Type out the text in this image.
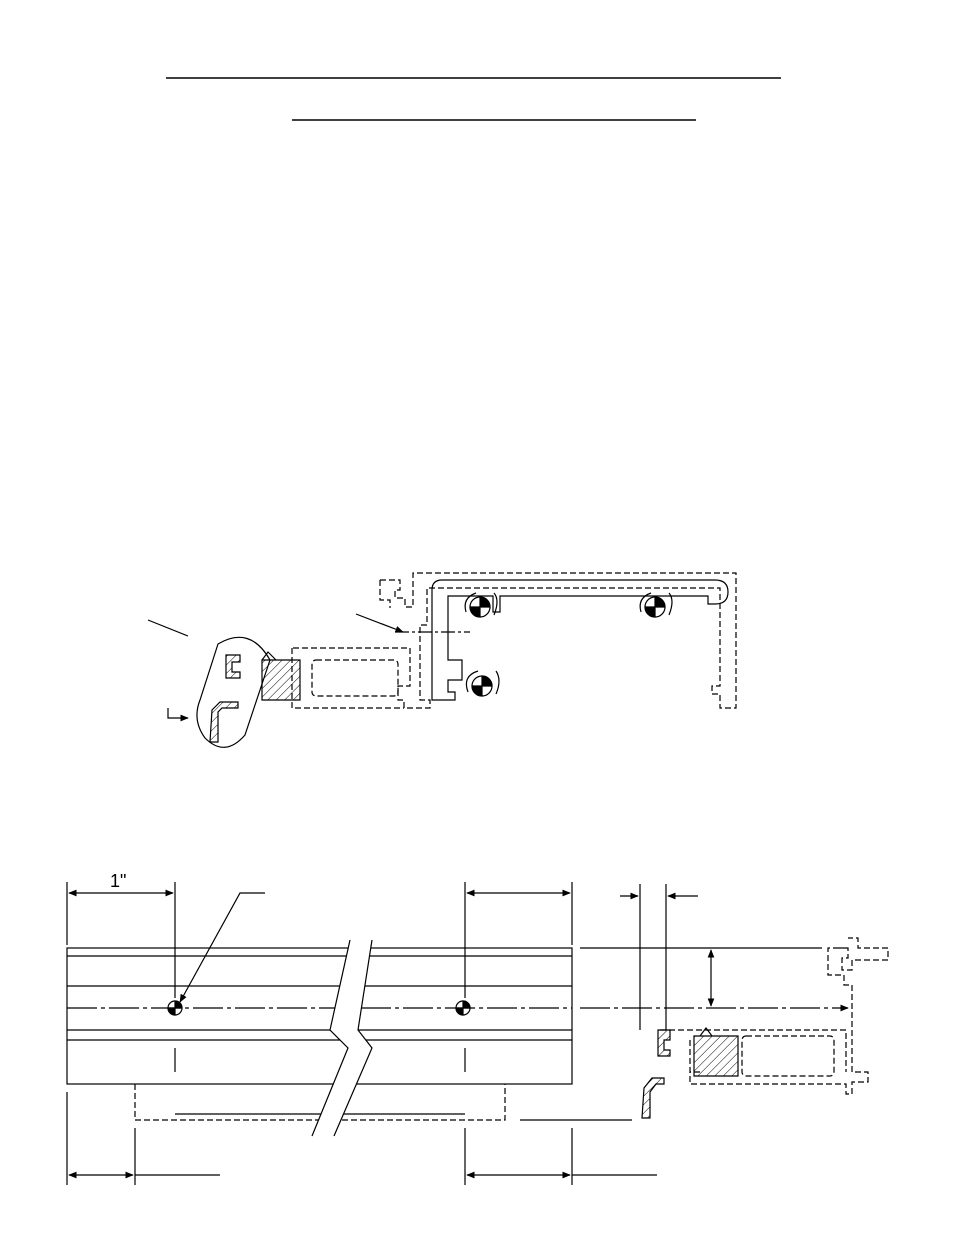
1"
